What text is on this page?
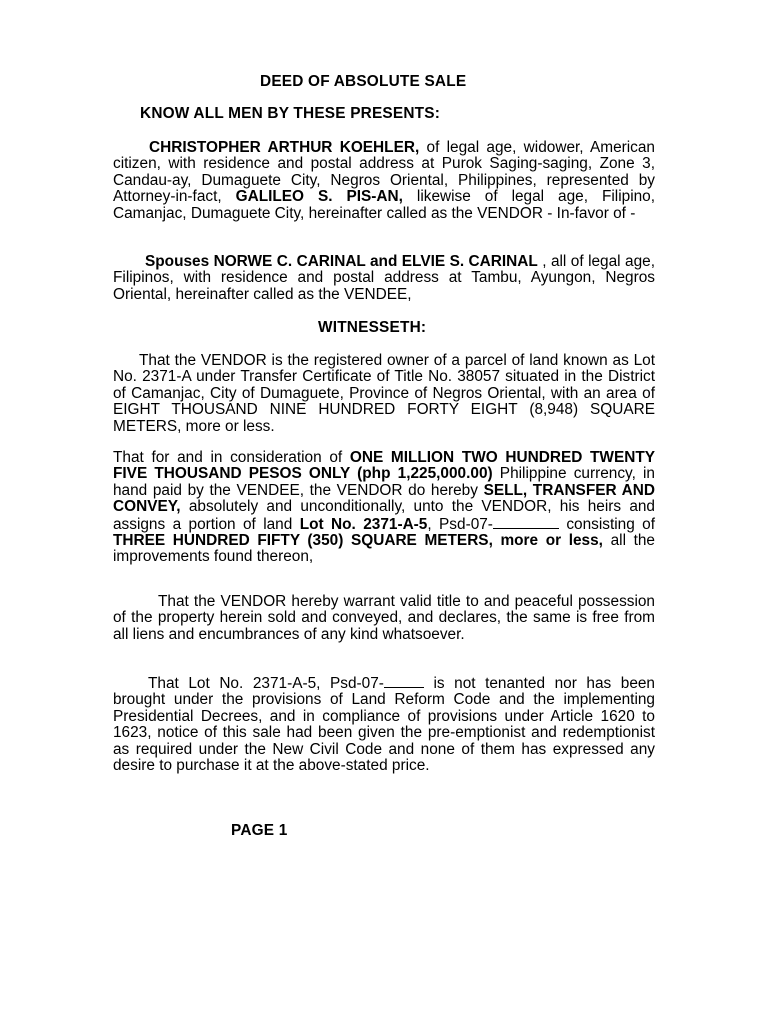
DEED OF ABSOLUTE SALE
KNOW ALL MEN BY THESE PRESENTS:

CHRISTOPHER ARTHUR KOEHLER, of legal age, widower, American citizen, with residence and postal address at Purok Saging-saging, Zone 3, Candau-ay, Dumaguete City, Negros Oriental, Philippines, represented by Attorney-in-fact, GALILEO S. PIS-AN, likewise of legal age, Filipino, Camanjac, Dumaguete City, hereinafter called as the VENDOR - In-favor of -

Spouses NORWE C. CARINAL and ELVIE S. CARINAL , all of legal age, Filipinos, with residence and postal address at Tambu, Ayungon, Negros Oriental, hereinafter called as the VENDEE,

WITNESSETH:

That the VENDOR is the registered owner of a parcel of land known as Lot No. 2371-A under Transfer Certificate of Title No. 38057 situated in the District of Camanjac, City of Dumaguete, Province of Negros Oriental, with an area of EIGHT THOUSAND NINE HUNDRED FORTY EIGHT (8,948) SQUARE METERS, more or less.

That for and in consideration of ONE MILLION TWO HUNDRED TWENTY FIVE THOUSAND PESOS ONLY (php 1,225,000.00) Philippine currency, in hand paid by the VENDEE, the VENDOR do hereby SELL, TRANSFER AND CONVEY, absolutely and unconditionally, unto the VENDOR, his heirs and assigns a portion of land Lot No. 2371-A-5, Psd-07-	consisting of THREE HUNDRED FIFTY (350) SQUARE METERS, more or less, all the improvements found thereon,

That the VENDOR hereby warrant valid title to and peaceful possession of the property herein sold and conveyed, and declares, the same is free from all liens and encumbrances of any kind whatsoever.

That Lot No. 2371-A-5, Psd-07-	is not tenanted nor has been brought under the provisions of Land Reform Code and the implementing Presidential Decrees, and in compliance of provisions under Article 1620 to 1623, notice of this sale had been given the pre-emptionist and redemptionist as required under the New Civil Code and none of them has expressed any desire to purchase it at the above-stated price.

PAGE 1
